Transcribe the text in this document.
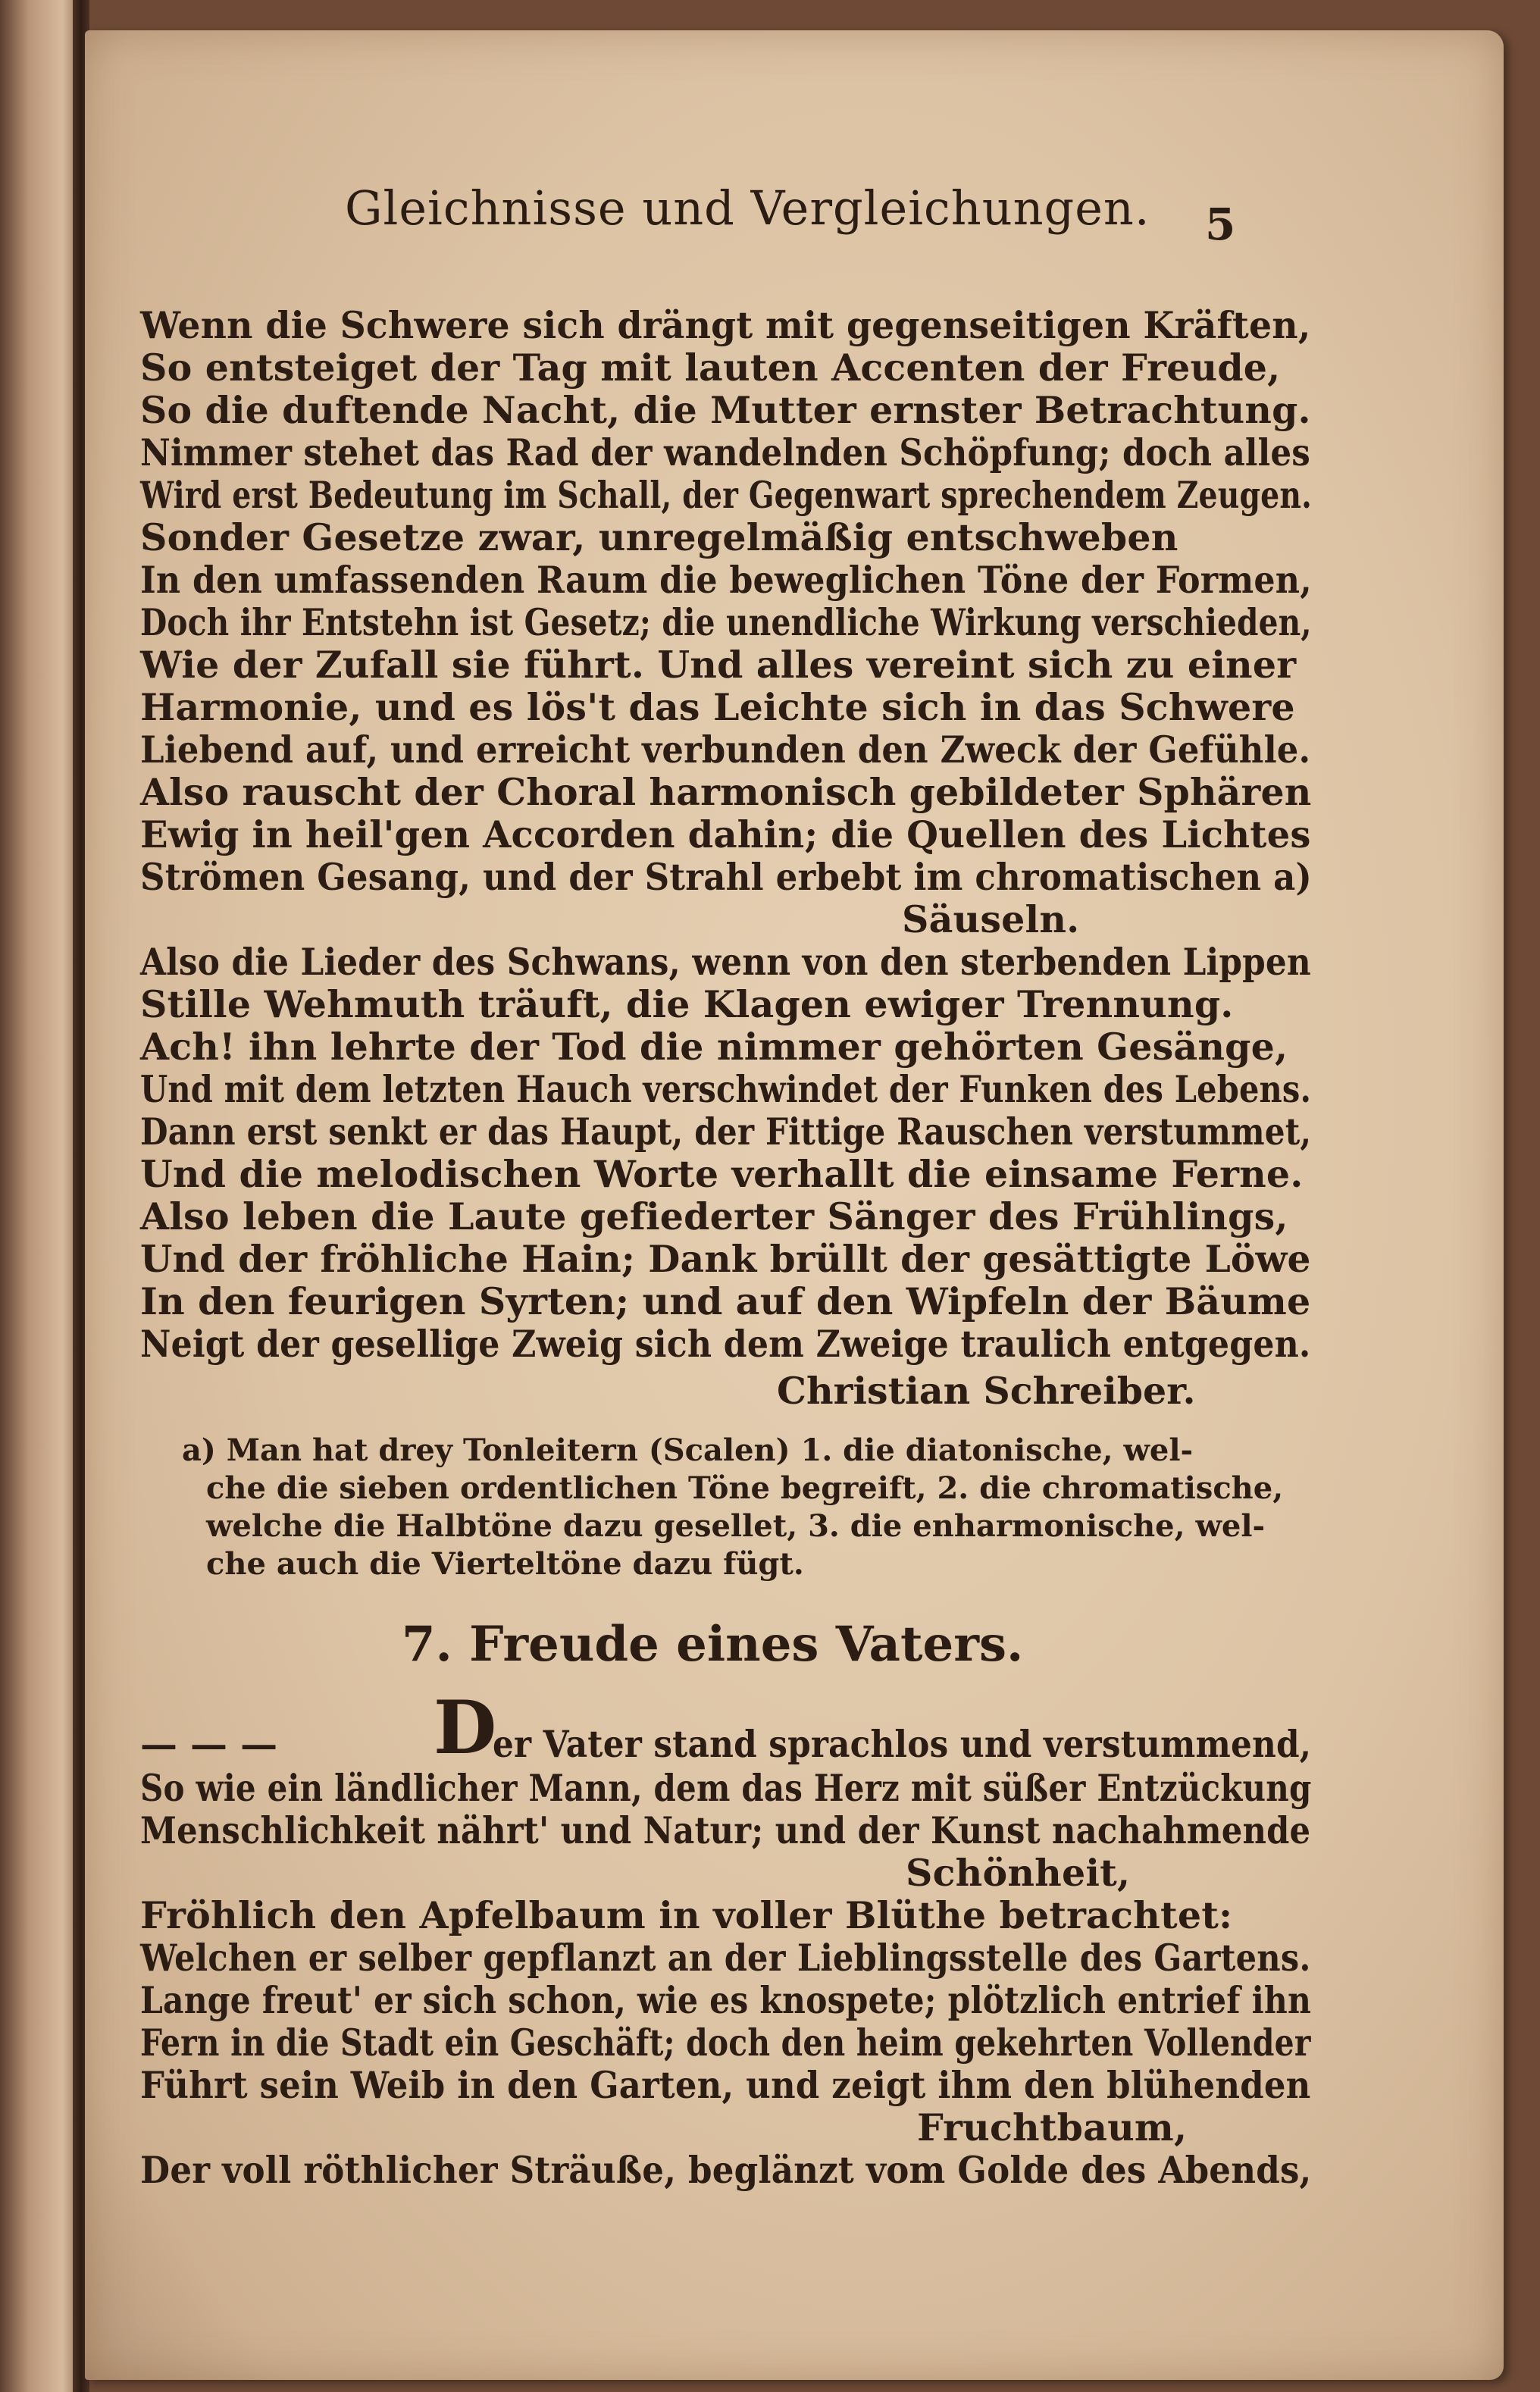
Gleichnisse und Vergleichungen. 5
Wenn die Schwere sich drängt mit gegenseitigen Kräften,
So entsteiget der Tag mit lauten Accenten der Freude,
So die duftende Nacht, die Mutter ernster Betrachtung.
Nimmer stehet das Rad der wandelnden Schöpfung; doch alles
Wird erst Bedeutung im Schall, der Gegenwart sprechendem Zeugen.
Sonder Gesetze zwar, unregelmäßig entschweben
In den umfassenden Raum die beweglichen Töne der Formen,
Doch ihr Entstehn ist Gesetz; die unendliche Wirkung verschieden,
Wie der Zufall sie führt. Und alles vereint sich zu einer
Harmonie, und es lös't das Leichte sich in das Schwere
Liebend auf, und erreicht verbunden den Zweck der Gefühle.
Also rauscht der Choral harmonisch gebildeter Sphären
Ewig in heil'gen Accorden dahin; die Quellen des Lichtes
Strömen Gesang, und der Strahl erbebt im chromatischen a)
Säuseln.
Also die Lieder des Schwans, wenn von den sterbenden Lippen
Stille Wehmuth träuft, die Klagen ewiger Trennung.
Ach! ihn lehrte der Tod die nimmer gehörten Gesänge,
Und mit dem letzten Hauch verschwindet der Funken des Lebens.
Dann erst senkt er das Haupt, der Fittige Rauschen verstummet,
Und die melodischen Worte verhallt die einsame Ferne.
Also leben die Laute gefiederter Sänger des Frühlings,
Und der fröhliche Hain; Dank brüllt der gesättigte Löwe
In den feurigen Syrten; und auf den Wipfeln der Bäume
Neigt der gesellige Zweig sich dem Zweige traulich entgegen.
Christian Schreiber.
a) Man hat drey Tonleitern (Scalen) 1. die diatonische, wel-
che die sieben ordentlichen Töne begreift, 2. die chromatische,
welche die Halbtöne dazu gesellet, 3. die enharmonische, wel-
che auch die Vierteltöne dazu fügt.
7. Freude eines Vaters.
— — — D
er Vater stand sprachlos und verstummend,
So wie ein ländlicher Mann, dem das Herz mit süßer Entzückung
Menschlichkeit nährt' und Natur; und der Kunst nachahmende
Schönheit,
Fröhlich den Apfelbaum in voller Blüthe betrachtet:
Welchen er selber gepflanzt an der Lieblingsstelle des Gartens.
Lange freut' er sich schon, wie es knospete; plötzlich entrief ihn
Fern in die Stadt ein Geschäft; doch den heim gekehrten Vollender
Führt sein Weib in den Garten, und zeigt ihm den blühenden
Fruchtbaum,
Der voll röthlicher Sträuße, beglänzt vom Golde des Abends,
